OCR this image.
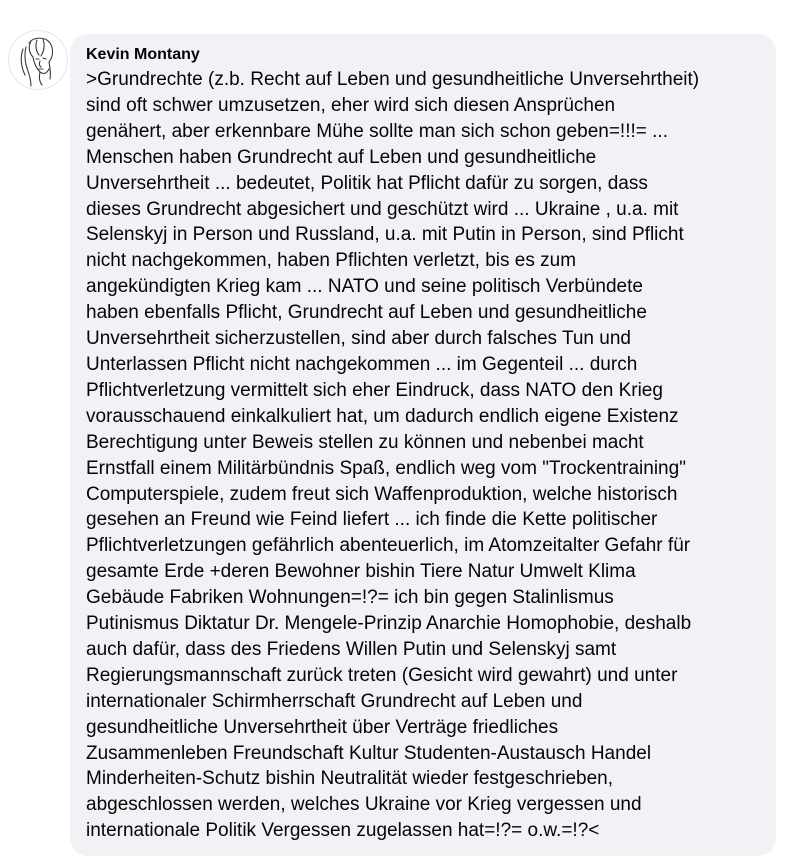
Kevin Montany

>Grundrechte (z.b. Recht auf Leben und gesundheitliche Unversehrtheit)
sind oft schwer umzusetzen, eher wird sich diesen Ansprüchen
genähert, aber erkennbare Mühe sollte man sich schon geben=!!!= ...
Menschen haben Grundrecht auf Leben und gesundheitliche
Unversehrtheit ... bedeutet, Politik hat Pflicht dafür zu sorgen, dass
dieses Grundrecht abgesichert und geschützt wird ... Ukraine , u.a. mit
Selenskyj in Person und Russland, u.a. mit Putin in Person, sind Pflicht
nicht nachgekommen, haben Pflichten verletzt, bis es zum
angekündigten Krieg kam ... NATO und seine politisch Verbündete
haben ebenfalls Pflicht, Grundrecht auf Leben und gesundheitliche
Unversehrtheit sicherzustellen, sind aber durch falsches Tun und
Unterlassen Pflicht nicht nachgekommen ... im Gegenteil ... durch
Pflichtverletzung vermittelt sich eher Eindruck, dass NATO den Krieg
vorausschauend einkalkuliert hat, um dadurch endlich eigene Existenz
Berechtigung unter Beweis stellen zu können und nebenbei macht
Ernstfall einem Militärbündnis Spaß, endlich weg vom "Trockentraining"
Computerspiele, zudem freut sich Waffenproduktion, welche historisch
gesehen an Freund wie Feind liefert ... ich finde die Kette politischer
Pflichtverletzungen gefährlich abenteuerlich, im Atomzeitalter Gefahr für
gesamte Erde +deren Bewohner bishin Tiere Natur Umwelt Klima
Gebäude Fabriken Wohnungen=!?= ich bin gegen Stalinlismus
Putinismus Diktatur Dr. Mengele-Prinzip Anarchie Homophobie, deshalb
auch dafür, dass des Friedens Willen Putin und Selenskyj samt
Regierungsmannschaft zurück treten (Gesicht wird gewahrt) und unter
internationaler Schirmherrschaft Grundrecht auf Leben und
gesundheitliche Unversehrtheit über Verträge friedliches
Zusammenleben Freundschaft Kultur Studenten-Austausch Handel
Minderheiten-Schutz bishin Neutralität wieder festgeschrieben,
abgeschlossen werden, welches Ukraine vor Krieg vergessen und
internationale Politik Vergessen zugelassen hat=!?= o.w.=!?<
